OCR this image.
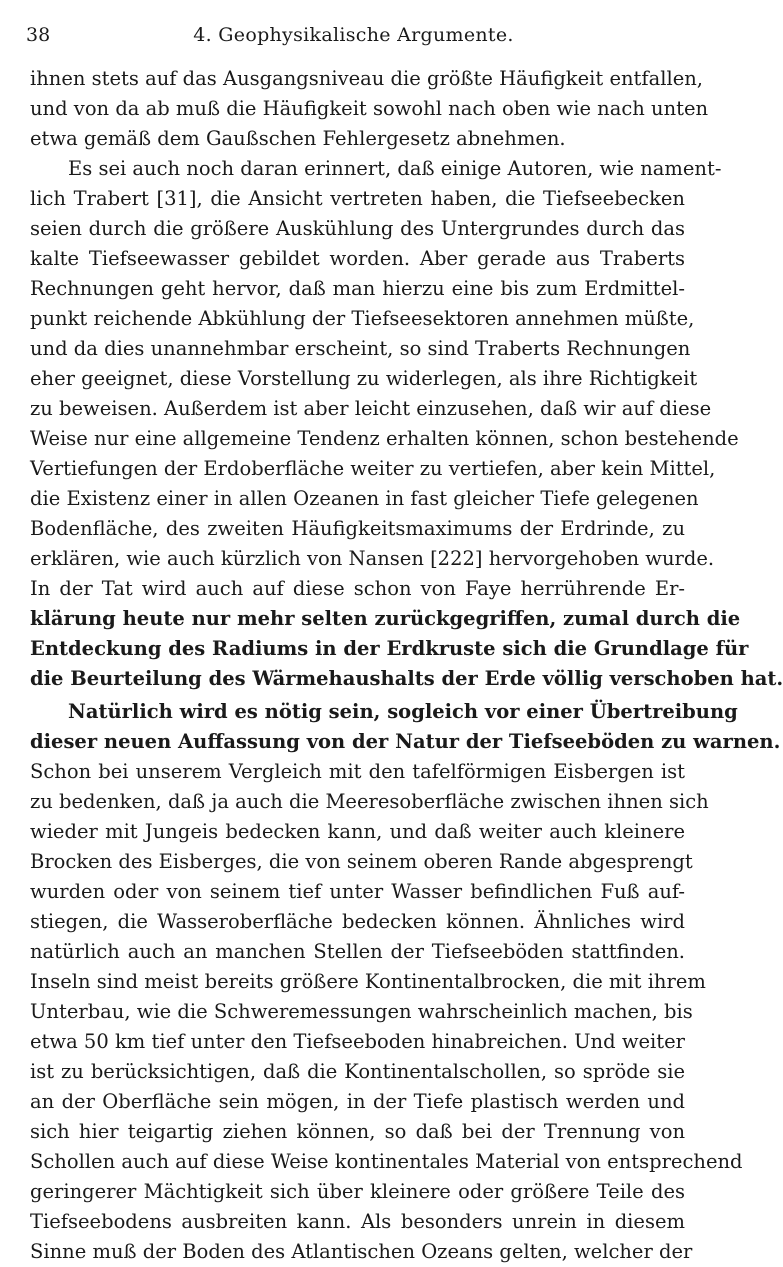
38	4. Geophysikalische Argumente.
ihnen stets auf das Ausgangsniveau die größte Häufigkeit entfallen,
und von da ab muß die Häufigkeit sowohl nach oben wie nach unten
etwa gemäß dem Gaußschen Fehlergesetz abnehmen.
Es sei auch noch daran erinnert, daß einige Autoren, wie nament-
lich Trabert [31], die Ansicht vertreten haben, die Tiefseebecken
seien durch die größere Auskühlung des Untergrundes durch das
kalte Tiefseewasser gebildet worden. Aber gerade aus Traberts
Rechnungen geht hervor, daß man hierzu eine bis zum Erdmittel-
punkt reichende Abkühlung der Tiefseesektoren annehmen müßte,
und da dies unannehmbar erscheint, so sind Traberts Rechnungen
eher geeignet, diese Vorstellung zu widerlegen, als ihre Richtigkeit
zu beweisen. Außerdem ist aber leicht einzusehen, daß wir auf diese
Weise nur eine allgemeine Tendenz erhalten können, schon bestehende
Vertiefungen der Erdoberfläche weiter zu vertiefen, aber kein Mittel,
die Existenz einer in allen Ozeanen in fast gleicher Tiefe gelegenen
Bodenfläche, des zweiten Häufigkeitsmaximums der Erdrinde, zu
erklären, wie auch kürzlich von Nansen [222] hervorgehoben wurde.
In der Tat wird auch auf diese schon von Faye herrührende Er-
klärung heute nur mehr selten zurückgegriffen, zumal durch die
Entdeckung des Radiums in der Erdkruste sich die Grundlage für
die Beurteilung des Wärmehaushalts der Erde völlig verschoben hat.
Natürlich wird es nötig sein, sogleich vor einer Übertreibung
dieser neuen Auffassung von der Natur der Tiefseeböden zu warnen.
Schon bei unserem Vergleich mit den tafelförmigen Eisbergen ist
zu bedenken, daß ja auch die Meeresoberfläche zwischen ihnen sich
wieder mit Jungeis bedecken kann, und daß weiter auch kleinere
Brocken des Eisberges, die von seinem oberen Rande abgesprengt
wurden oder von seinem tief unter Wasser befindlichen Fuß auf-
stiegen, die Wasseroberfläche bedecken können. Ähnliches wird
natürlich auch an manchen Stellen der Tiefseeböden stattfinden.
Inseln sind meist bereits größere Kontinentalbrocken, die mit ihrem
Unterbau, wie die Schweremessungen wahrscheinlich machen, bis
etwa 50 km tief unter den Tiefseeboden hinabreichen. Und weiter
ist zu berücksichtigen, daß die Kontinentalschollen, so spröde sie
an der Oberfläche sein mögen, in der Tiefe plastisch werden und
sich hier teigartig ziehen können, so daß bei der Trennung von
Schollen auch auf diese Weise kontinentales Material von entsprechend
geringerer Mächtigkeit sich über kleinere oder größere Teile des
Tiefseebodens ausbreiten kann. Als besonders unrein in diesem
Sinne muß der Boden des Atlantischen Ozeans gelten, welcher der
